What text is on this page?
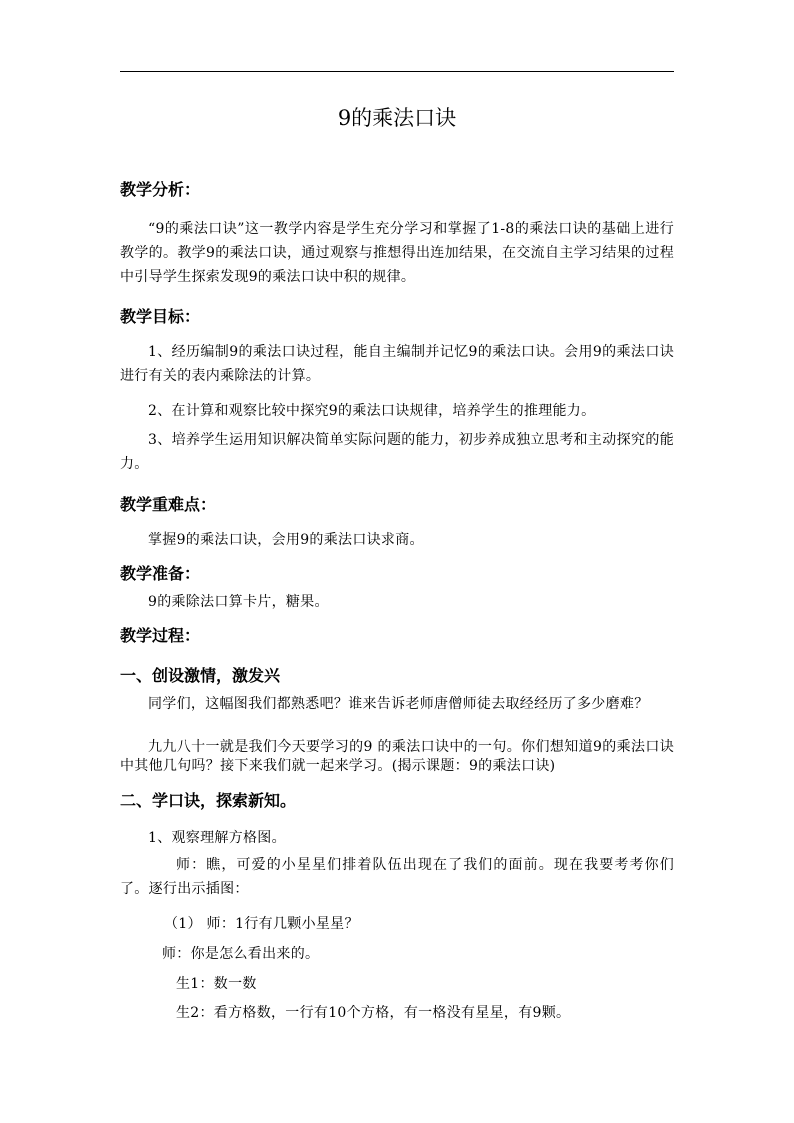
9的乘法口诀
教学分析：

“9的乘法口诀”这一教学内容是学生充分学习和掌握了1-8的乘法口诀的基础上进行教学的。教学9的乘法口诀，通过观察与推想得出连加结果，在交流自主学习结果的过程中引导学生探索发现9的乘法口诀中积的规律。

教学目标：

1、经历编制9的乘法口诀过程，能自主编制并记忆9的乘法口诀。会用9的乘法口诀进行有关的表内乘除法的计算。

2、在计算和观察比较中探究9的乘法口诀规律，培养学生的推理能力。

3、培养学生运用知识解决简单实际问题的能力，初步养成独立思考和主动探究的能力。

教学重难点：

掌握9的乘法口诀，会用9的乘法口诀求商。

教学准备：

9的乘除法口算卡片，糖果。

教学过程：
一、创设激情，激发兴

同学们，这幅图我们都熟悉吧？谁来告诉老师唐僧师徒去取经经历了多少磨难？

九九八十一就是我们今天要学习的9 的乘法口诀中的一句。你们想知道9的乘法口诀中其他几句吗？接下来我们就一起来学习。(揭示课题：9的乘法口诀)

二、学口诀，探索新知。
1、观察理解方格图。

师：瞧，可爱的小星星们排着队伍出现在了我们的面前。现在我要考考你们了。逐行出示插图：

（1） 师：1行有几颗小星星？
师：你是怎么看出来的。
生1：数一数
生2：看方格数，一行有10个方格，有一格没有星星，有9颗。
